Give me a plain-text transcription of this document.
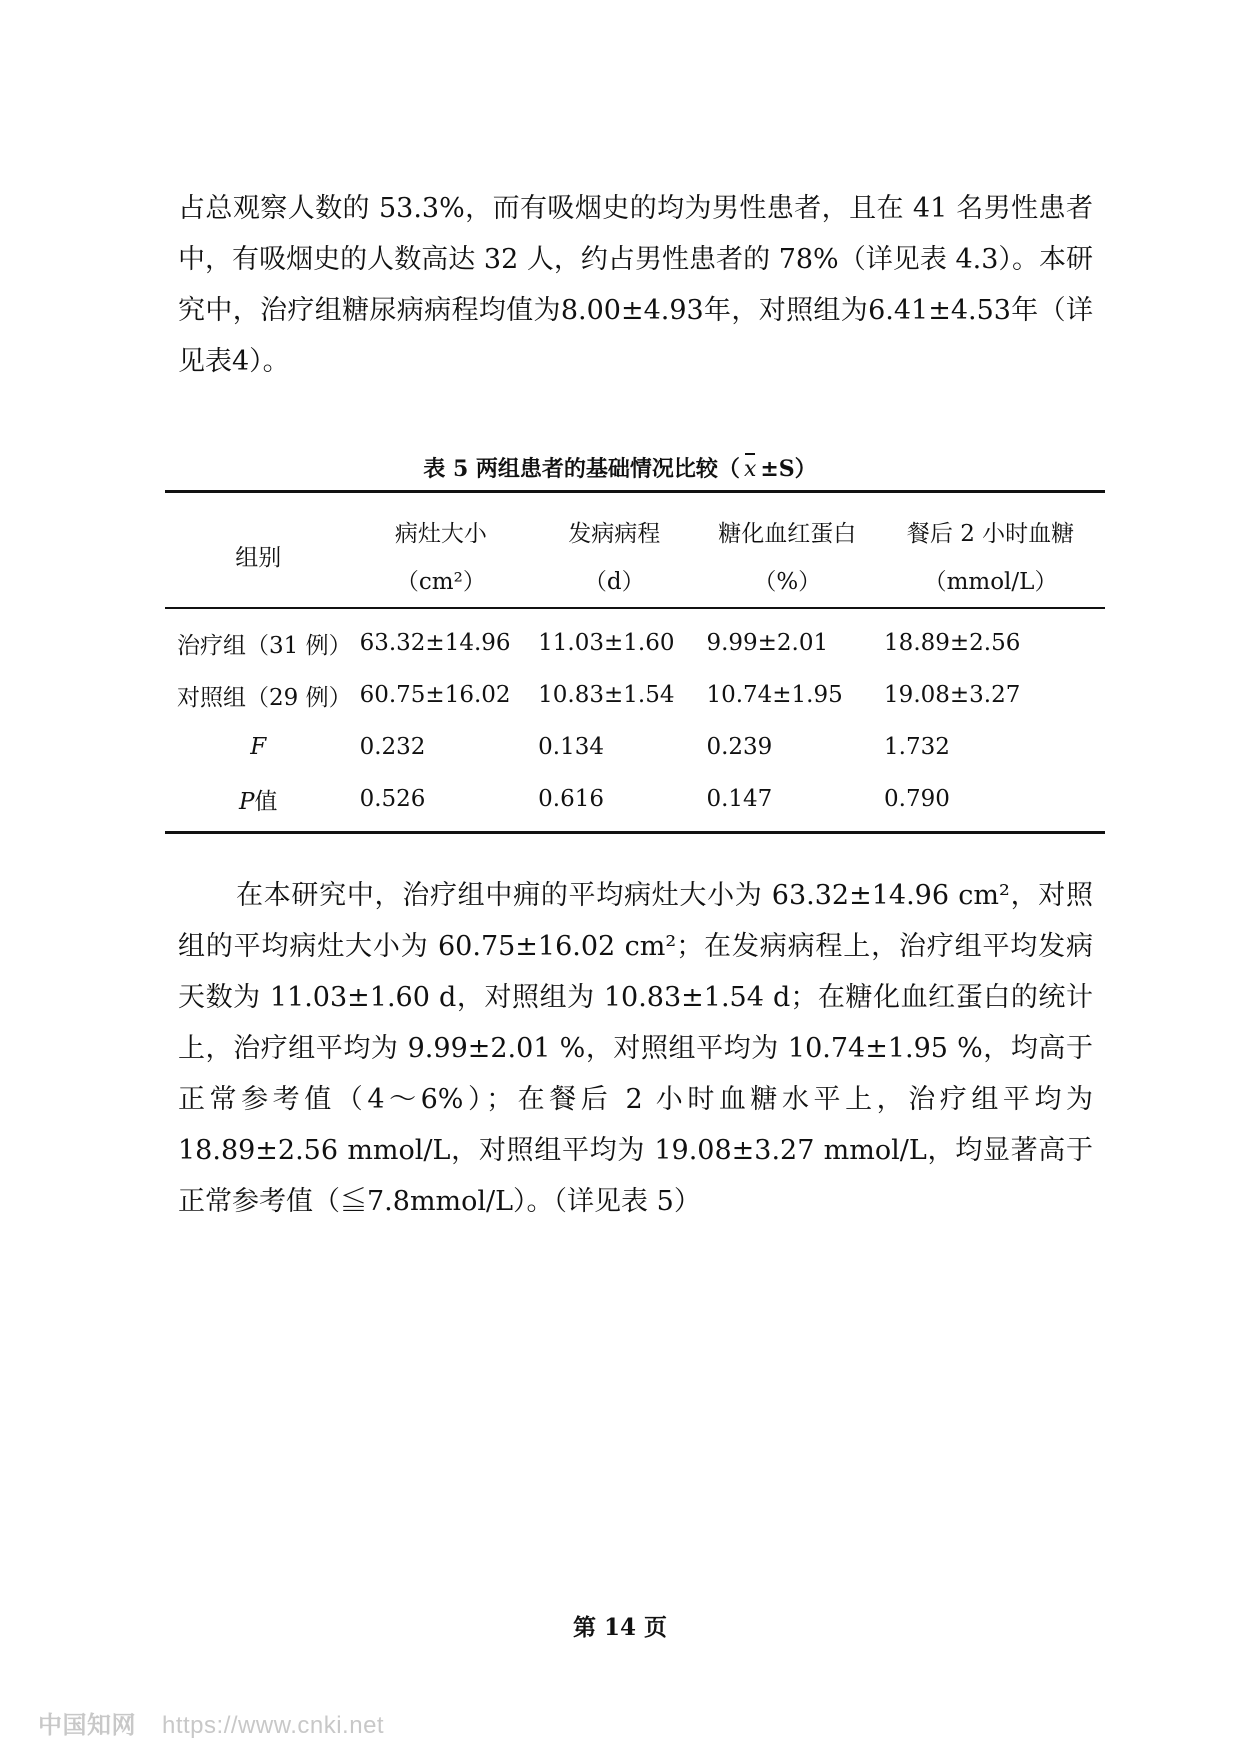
占总观察人数的 53.3%，而有吸烟史的均为男性患者，且在 41 名男性患者中，有吸烟史的人数高达 32 人，约占男性患者的 78%（详见表 4.3）。本研究中，治疗组糖尿病病程均值为8.00±4.93年，对照组为6.41±4.53年（详见表4）。

表 5 两组患者的基础情况比较（ x ±S）
组别	病灶大小	发病病程	糖化血红蛋白	餐后 2 小时血糖
	（cm²）	（d）	（%）	（mmol/L）
治疗组（31 例）	63.32±14.96	11.03±1.60	9.99±2.01	18.89±2.56
对照组（29 例）	60.75±16.02	10.83±1.54	10.74±1.95	19.08±3.27
F	0.232	0.134	0.239	1.732
P值	0.526	0.616	0.147	0.790

在本研究中，治疗组中痈的平均病灶大小为 63.32±14.96 cm²，对照组的平均病灶大小为 60.75±16.02 cm²；在发病病程上，治疗组平均发病天数为 11.03±1.60 d，对照组为 10.83±1.54 d；在糖化血红蛋白的统计上，治疗组平均为 9.99±2.01 %，对照组平均为 10.74±1.95 %，均高于正常参考值（4～6%）；在餐后 2 小时血糖水平上，治疗组平均为 18.89±2.56 mmol/L，对照组平均为 19.08±3.27 mmol/L，均显著高于正常参考值（≦7.8mmol/L）。（详见表 5）

第 14 页
中国知网 https://www.cnki.net
